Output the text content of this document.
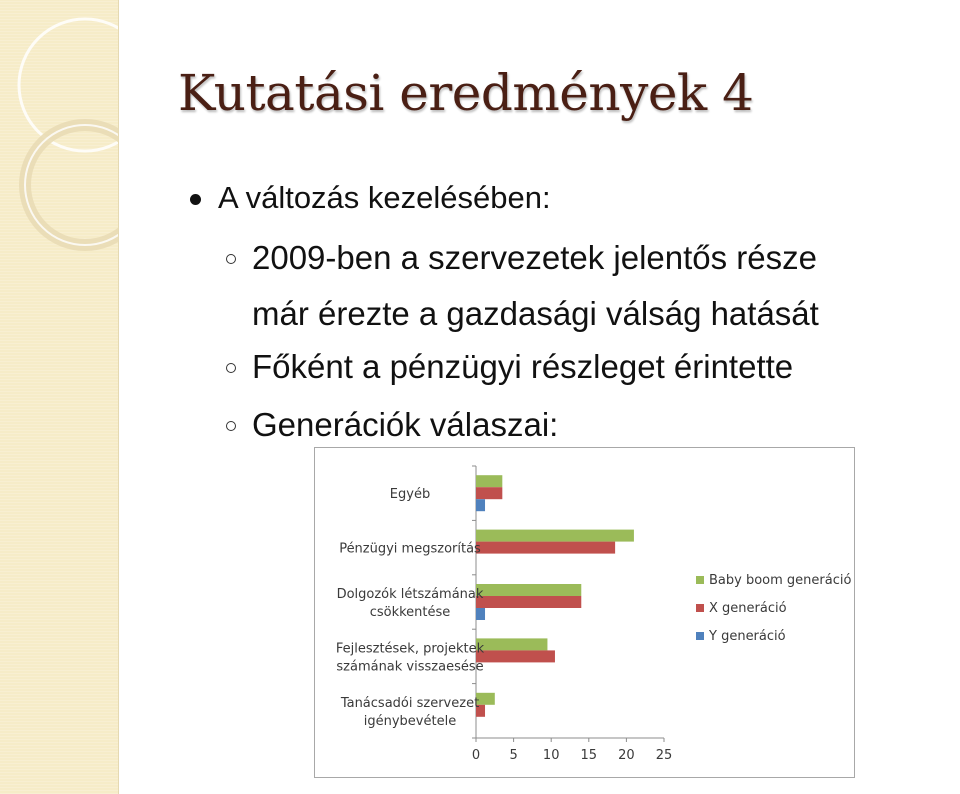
Kutatási eredmények 4
A változás kezelésében:
2009-ben a szervezetek jelentős része
már érezte a gazdasági válság hatását
Főként a pénzügyi részleget érintette
Generációk válaszai:
0 5 10 15 20 25
Egyéb
Pénzügyi megszorítás
Dolgozók létszámának
csökkentése
Fejlesztések, projektek
számának visszaesése
Tanácsadói szervezet
igénybevétele
Baby boom generáció
X generáció
Y generáció
